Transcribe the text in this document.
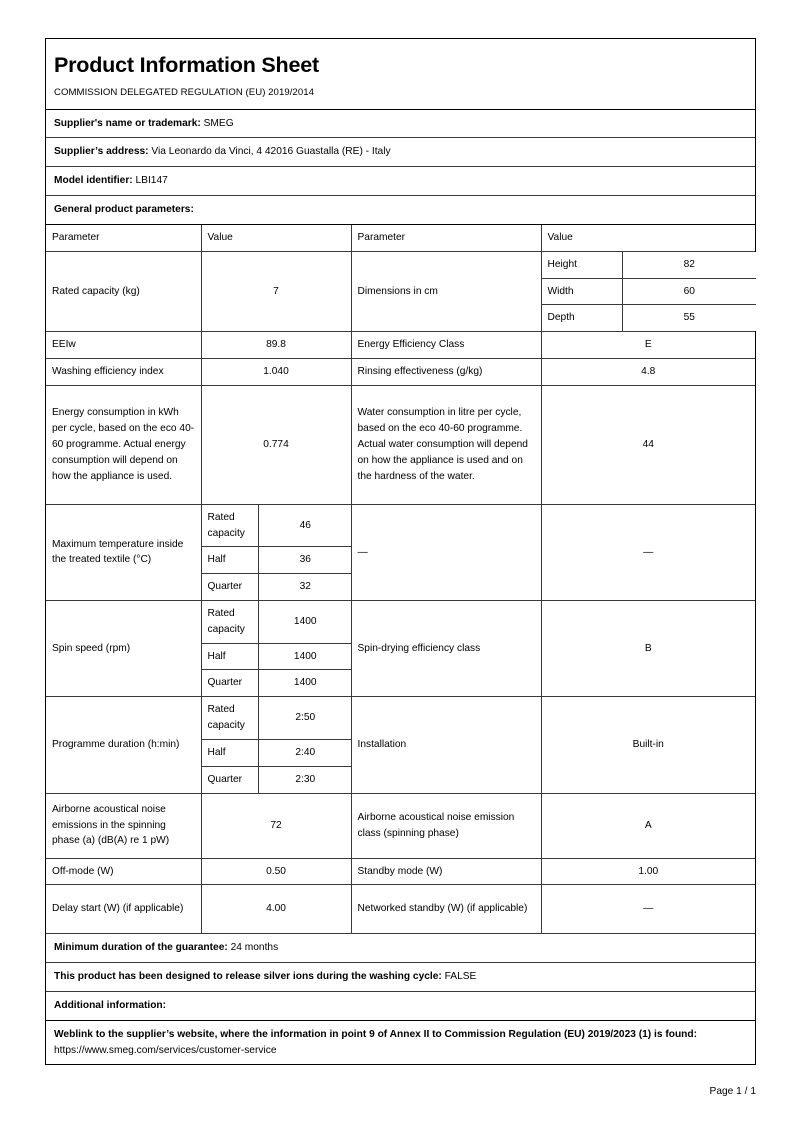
Product Information Sheet

COMMISSION DELEGATED REGULATION (EU) 2019/2014
Supplier's name or trademark: SMEG
Supplier’s address: Via Leonardo da Vinci, 4 42016 Guastalla (RE) - Italy
Model identifier: LBI147
General product parameters:
Parameter	Value	Parameter	Value
Rated capacity (kg)	7	Dimensions in cm	
Height	82
Width	60
Depth	55

EEIw	89.8	Energy Efficiency Class	E
Washing efficiency index	1.040	Rinsing effectiveness (g/kg)	4.8
Energy consumption in kWh per cycle, based on the eco 40-60 programme. Actual energy consumption will depend on how the appliance is used.	0.774	Water consumption in litre per cycle, based on the eco 40-60 programme. Actual water consumption will depend on how the appliance is used and on the hardness of the water.	44
Maximum temperature inside the treated textile (°C)	
Rated capacity	46
Half	36
Quarter	32
	—	—
Spin speed (rpm)	
Rated capacity	1400
Half	1400
Quarter	1400
	Spin-drying efficiency class	B
Programme duration (h:min)	
Rated capacity	2:50
Half	2:40
Quarter	2:30
	Installation	Built-in
Airborne acoustical noise emissions in the spinning phase (a) (dB(A) re 1 pW)	72	Airborne acoustical noise emission class (spinning phase)	A
Off-mode (W)	0.50	Standby mode (W)	1.00
Delay start (W) (if applicable)	4.00	Networked standby (W) (if applicable)	—
Minimum duration of the guarantee: 24 months
This product has been designed to release silver ions during the washing cycle: FALSE
Additional information:
Weblink to the supplier’s website, where the information in point 9 of Annex II to Commission Regulation (EU) 2019/2023 (1) is found:
https://www.smeg.com/services/customer-service
Page 1 / 1
